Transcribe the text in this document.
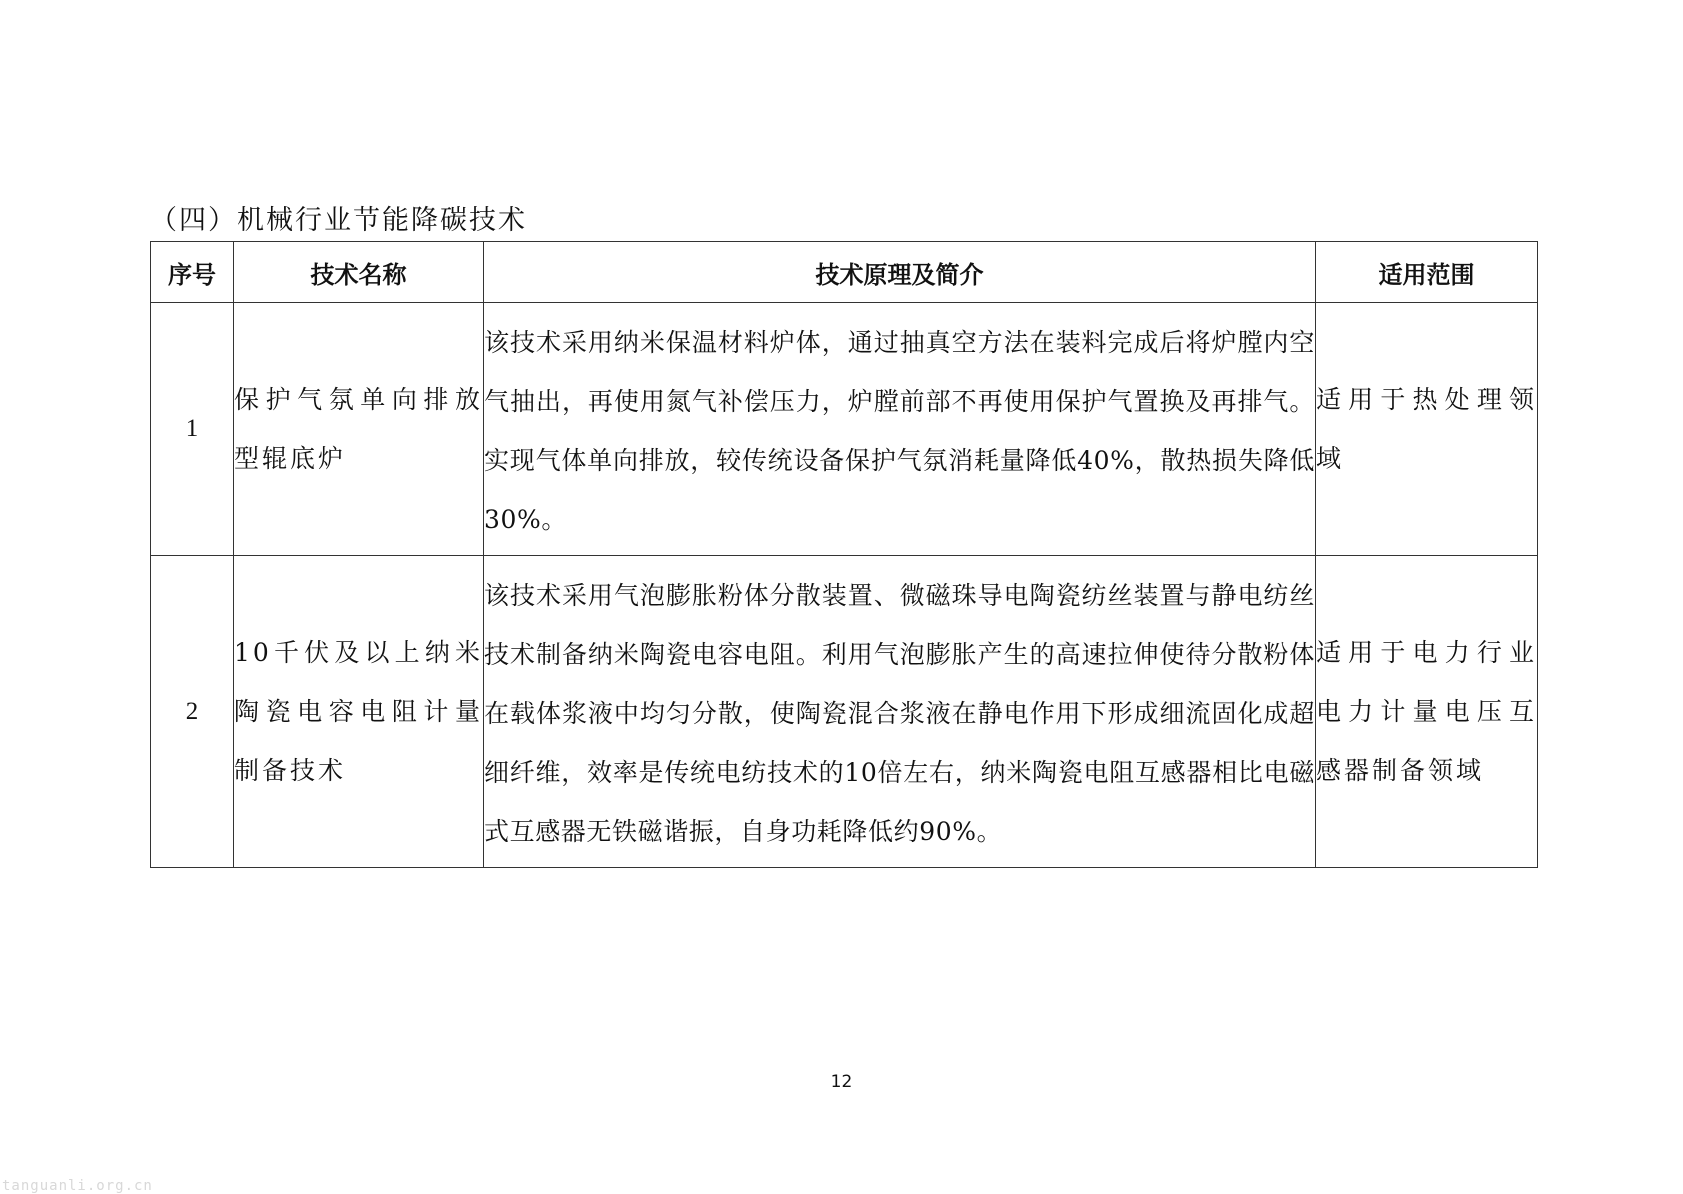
（四）机械行业节能降碳技术
序号	技术名称	技术原理及简介	适用范围
1	保护气氛单向排放型辊底炉	该技术采用纳米保温材料炉体，通过抽真空方法在装料完成后将炉膛内空气抽出，再使用氮气补偿压力，炉膛前部不再使用保护气置换及再排气。实现气体单向排放，较传统设备保护气氛消耗量降低40%，散热损失降低30%。	适用于热处理领域
2	10千伏及以上纳米陶瓷电容电阻计量制备技术	该技术采用气泡膨胀粉体分散装置、微磁珠导电陶瓷纺丝装置与静电纺丝技术制备纳米陶瓷电容电阻。利用气泡膨胀产生的高速拉伸使待分散粉体在载体浆液中均匀分散，使陶瓷混合浆液在静电作用下形成细流固化成超细纤维，效率是传统电纺技术的10倍左右，纳米陶瓷电阻互感器相比电磁式互感器无铁磁谐振，自身功耗降低约90%。	适用于电力行业电力计量电压互感器制备领域
12
tanguanli.org.cn
